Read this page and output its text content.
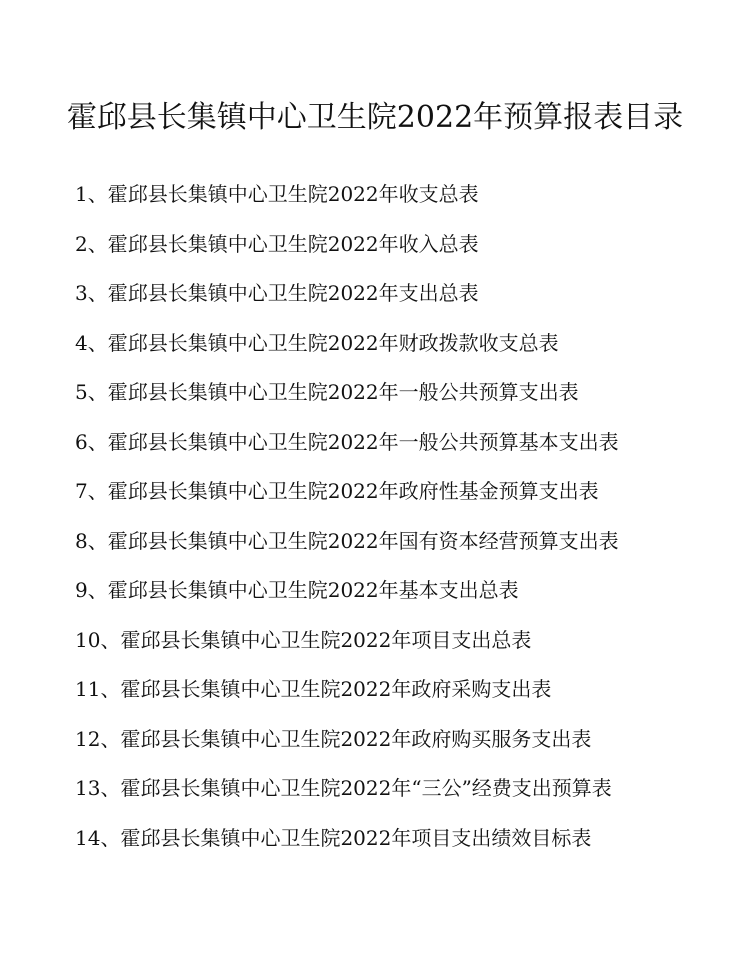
霍邱县长集镇中心卫生院2022年预算报表目录
1、霍邱县长集镇中心卫生院2022年收支总表
2、霍邱县长集镇中心卫生院2022年收入总表
3、霍邱县长集镇中心卫生院2022年支出总表
4、霍邱县长集镇中心卫生院2022年财政拨款收支总表
5、霍邱县长集镇中心卫生院2022年一般公共预算支出表
6、霍邱县长集镇中心卫生院2022年一般公共预算基本支出表
7、霍邱县长集镇中心卫生院2022年政府性基金预算支出表
8、霍邱县长集镇中心卫生院2022年国有资本经营预算支出表
9、霍邱县长集镇中心卫生院2022年基本支出总表
10、霍邱县长集镇中心卫生院2022年项目支出总表
11、霍邱县长集镇中心卫生院2022年政府采购支出表
12、霍邱县长集镇中心卫生院2022年政府购买服务支出表
13、霍邱县长集镇中心卫生院2022年“三公”经费支出预算表
14、霍邱县长集镇中心卫生院2022年项目支出绩效目标表
